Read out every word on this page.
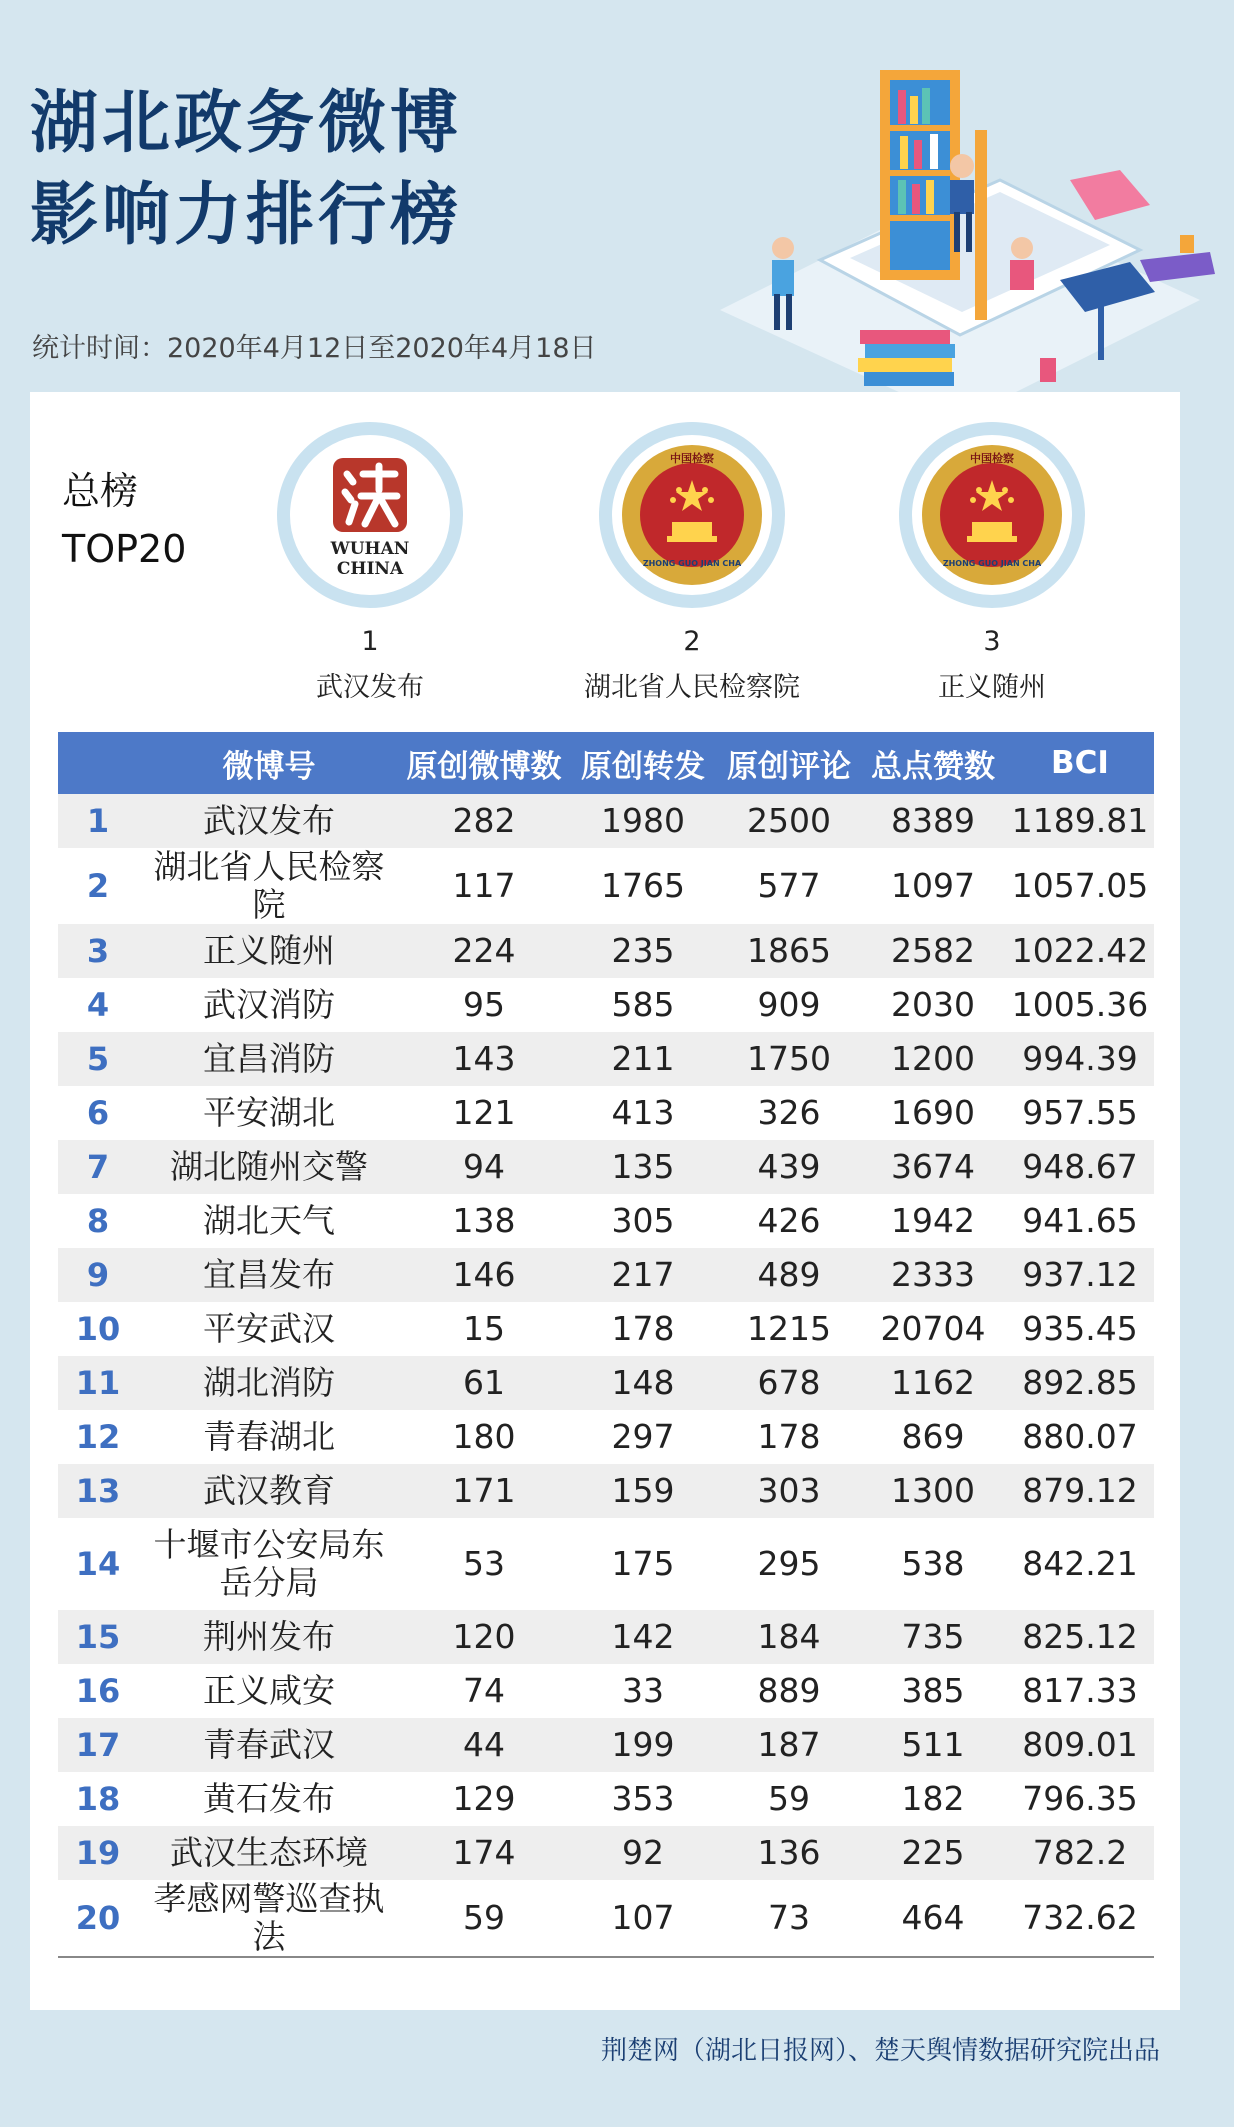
湖北政务微博
影响力排行榜
统计时间：2020年4月12日至2020年4月18日
总榜
TOP20	WUHAN
CHINA
1
武汉发布
中国检察
ZHONG GUO JIAN CHA
2
湖北省人民检察院
中国检察
ZHONG GUO JIAN CHA
3
正义随州
	微博号	原创微博数	原创转发	原创评论	总点赞数	BCI
1	武汉发布	282	1980	2500	8389	1189.81
2	湖北省人民检察院	117	1765	577	1097	1057.05
3	正义随州	224	235	1865	2582	1022.42
4	武汉消防	95	585	909	2030	1005.36
5	宜昌消防	143	211	1750	1200	994.39
6	平安湖北	121	413	326	1690	957.55
7	湖北随州交警	94	135	439	3674	948.67
8	湖北天气	138	305	426	1942	941.65
9	宜昌发布	146	217	489	2333	937.12
10	平安武汉	15	178	1215	20704	935.45
11	湖北消防	61	148	678	1162	892.85
12	青春湖北	180	297	178	869	880.07
13	武汉教育	171	159	303	1300	879.12
14	十堰市公安局东岳分局	53	175	295	538	842.21
15	荆州发布	120	142	184	735	825.12
16	正义咸安	74	33	889	385	817.33
17	青春武汉	44	199	187	511	809.01
18	黄石发布	129	353	59	182	796.35
19	武汉生态环境	174	92	136	225	782.2
20	孝感网警巡查执法	59	107	73	464	732.62
荆楚网（湖北日报网）、楚天舆情数据研究院出品
